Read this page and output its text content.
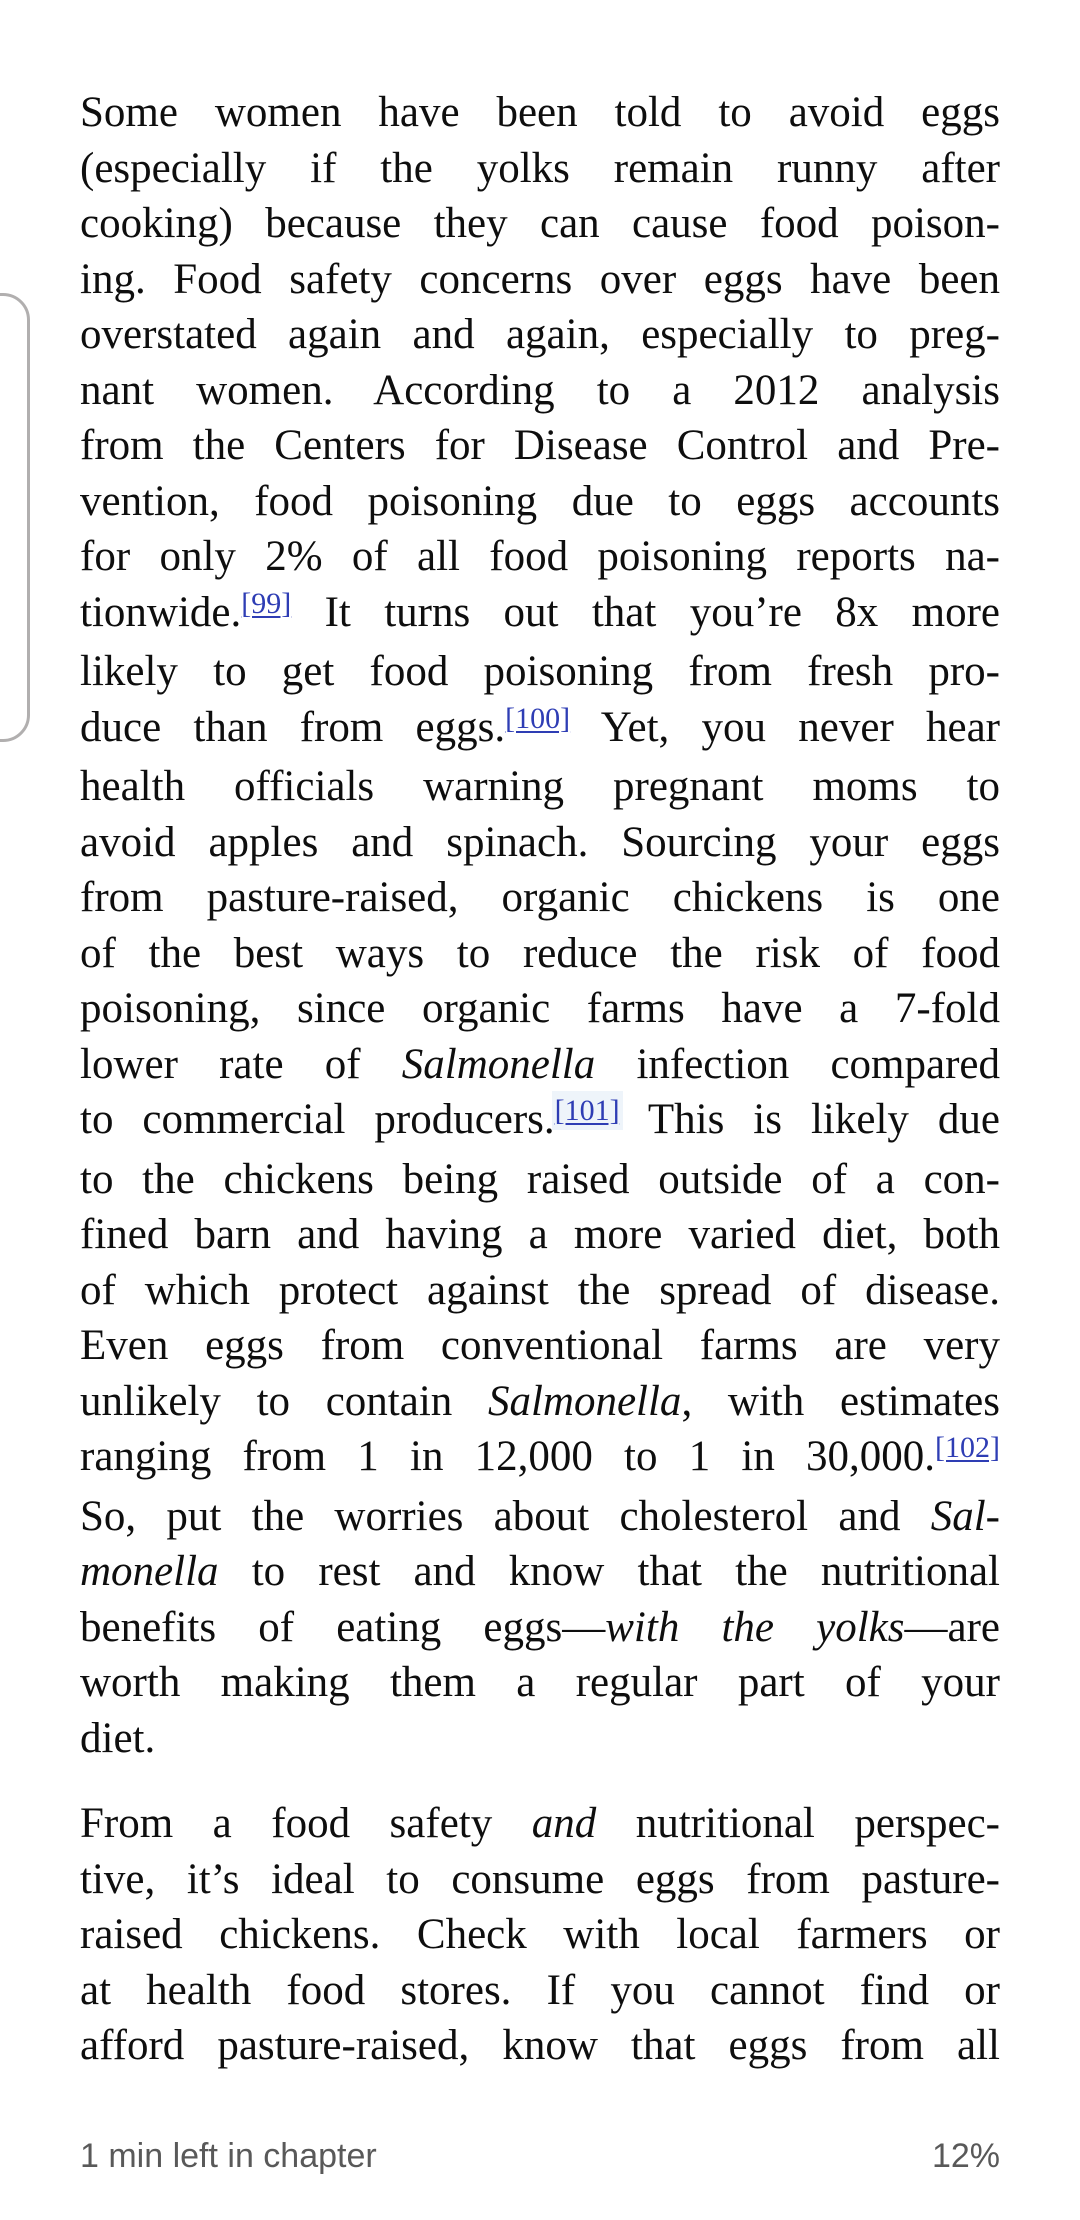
Some women have been told to avoid eggs
(especially if the yolks remain runny after
cooking) because they can cause food poison-
ing. Food safety concerns over eggs have been
overstated again and again, especially to preg-
nant women. According to a 2012 analysis
from the Centers for Disease Control and Pre-
vention, food poisoning due to eggs accounts
for only 2% of all food poisoning reports na-
tionwide.[99] It turns out that you’re 8x more
likely to get food poisoning from fresh pro-
duce than from eggs.[100] Yet, you never hear
health officials warning pregnant moms to
avoid apples and spinach. Sourcing your eggs
from pasture-raised, organic chickens is one
of the best ways to reduce the risk of food
poisoning, since organic farms have a 7-fold
lower rate of Salmonella infection compared
to commercial producers.[101] This is likely due
to the chickens being raised outside of a con-
fined barn and having a more varied diet, both
of which protect against the spread of disease.
Even eggs from conventional farms are very
unlikely to contain Salmonella, with estimates
ranging from 1 in 12,000 to 1 in 30,000.[102]
So, put the worries about cholesterol and Sal-
monella to rest and know that the nutritional
benefits of eating eggs—with the yolks—are
worth making them a regular part of your
diet.
From a food safety and nutritional perspec-
tive, it’s ideal to consume eggs from pasture-
raised chickens. Check with local farmers or
at health food stores. If you cannot find or
afford pasture-raised, know that eggs from all
1 min left in chapter	12%
